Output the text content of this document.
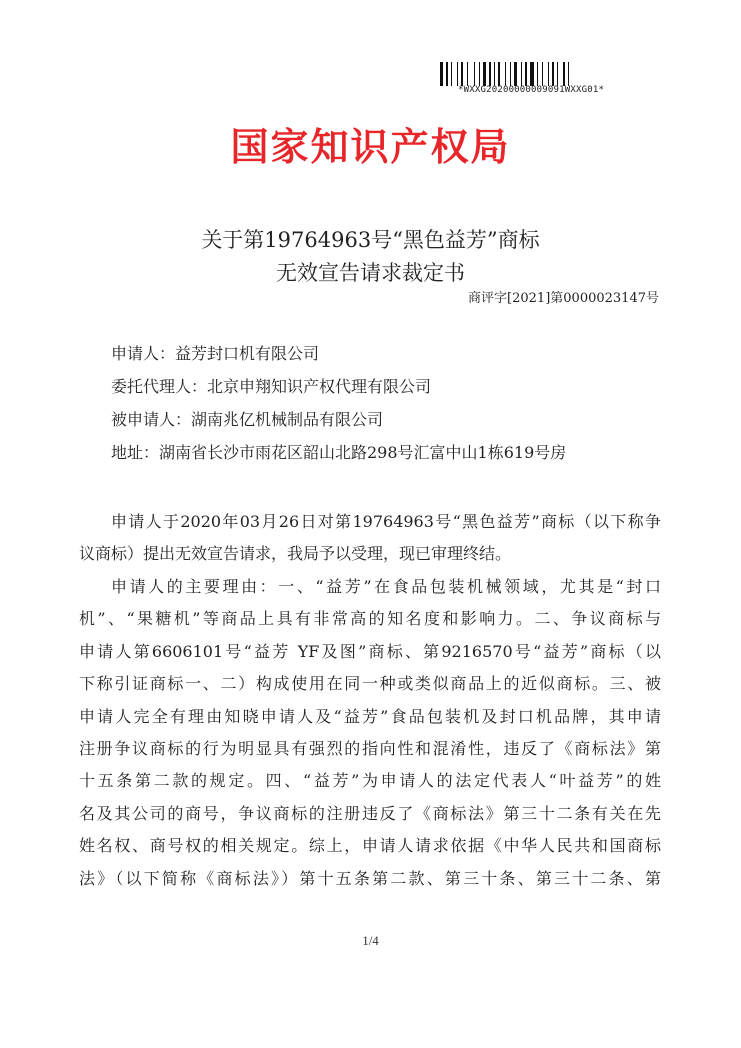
*WXXG20200000009091WXXG01*
国家知识产权局
关于第19764963号“黑色益芳”商标
无效宣告请求裁定书
商评字[2021]第0000023147号
申请人：益芳封口机有限公司
委托代理人：北京申翔知识产权代理有限公司
被申请人：湖南兆亿机械制品有限公司
地址：湖南省长沙市雨花区韶山北路298号汇富中山1栋619号房
申请人于2020年03月26日对第19764963号“黑色益芳”商标（以下称争
议商标）提出无效宣告请求，我局予以受理，现已审理终结。
申请人的主要理由：一、“益芳”在食品包装机械领域，尤其是“封口
机”、“果糖机”等商品上具有非常高的知名度和影响力。二、争议商标与
申请人第6606101号“益芳 YF及图”商标、第9216570号“益芳”商标（以
下称引证商标一、二）构成使用在同一种或类似商品上的近似商标。三、被
申请人完全有理由知晓申请人及“益芳”食品包装机及封口机品牌，其申请
注册争议商标的行为明显具有强烈的指向性和混淆性，违反了《商标法》第
十五条第二款的规定。四、“益芳”为申请人的法定代表人“叶益芳”的姓
名及其公司的商号，争议商标的注册违反了《商标法》第三十二条有关在先
姓名权、商号权的相关规定。综上，申请人请求依据《中华人民共和国商标
法》（以下简称《商标法》）第十五条第二款、第三十条、第三十二条、第
1/4
